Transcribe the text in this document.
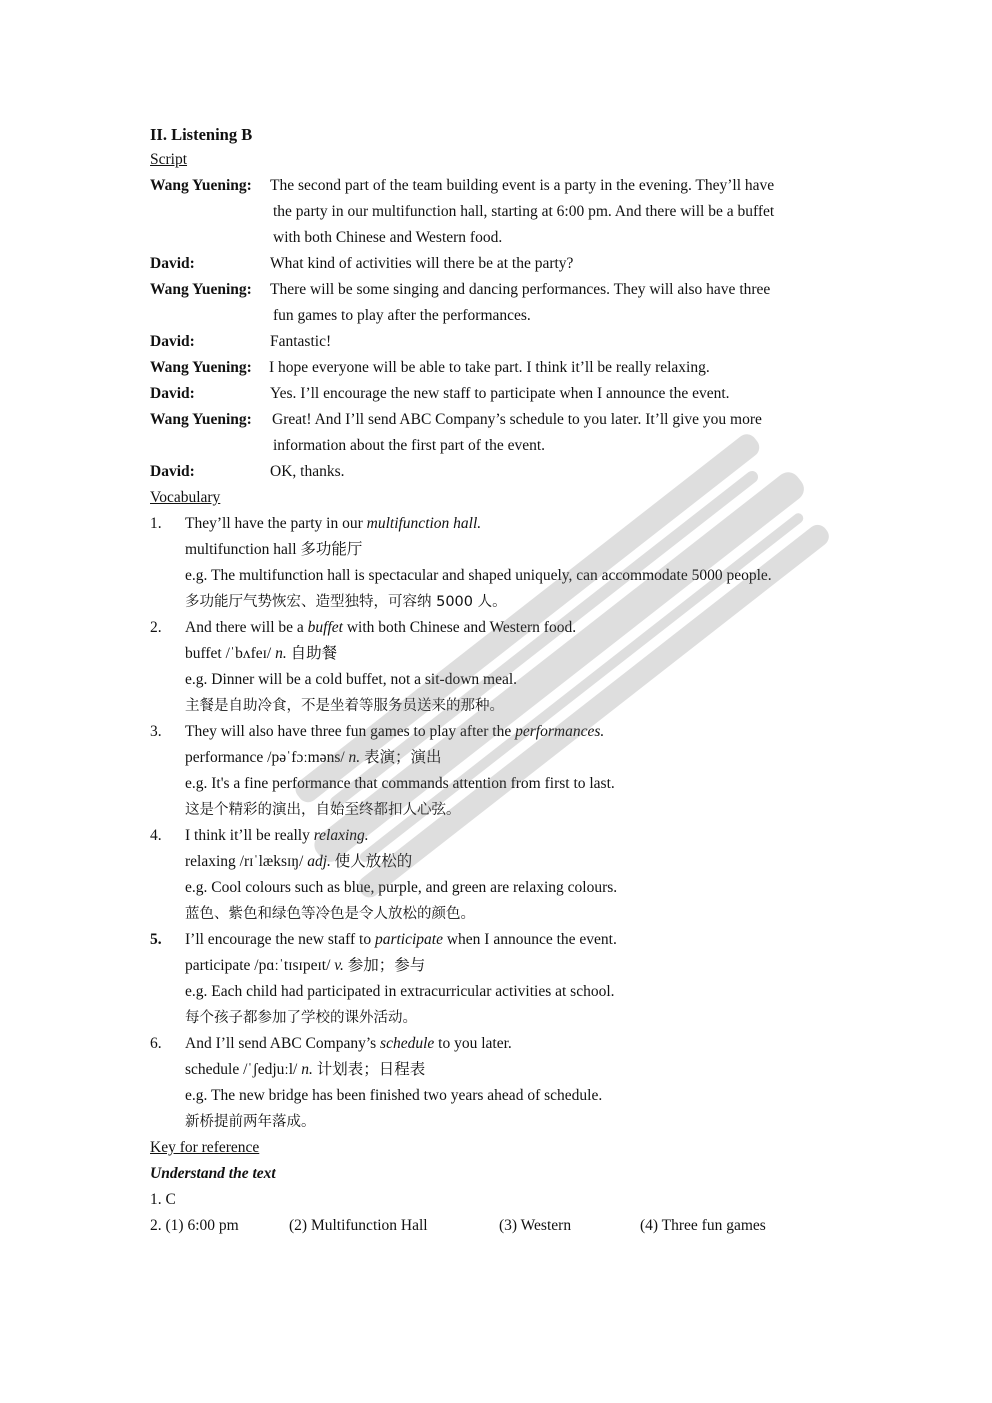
II. Listening B
Script
Wang Yuening: The second part of the team building event is a party in the evening. They’ll have
the party in our multifunction hall, starting at 6:00 pm. And there will be a buffet
with both Chinese and Western food.
David:	What kind of activities will there be at the party?
Wang Yuening: There will be some singing and dancing performances. They will also have three
fun games to play after the performances.
David:	Fantastic!
Wang Yuening: I hope everyone will be able to take part. I think it’ll be really relaxing.
David:	Yes. I’ll encourage the new staff to participate when I announce the event.
Wang Yuening: Great! And I’ll send ABC Company’s schedule to you later. It’ll give you more
information about the first part of the event.
David:	OK, thanks.
Vocabulary
1. They’ll have the party in our multifunction hall.
multifunction hall 多功能厅
e.g. The multifunction hall is spectacular and shaped uniquely, can accommodate 5000 people.
多功能厅气势恢宏、造型独特，可容纳 5000 人。
2. And there will be a buffet with both Chinese and Western food.
buffet /ˈbʌfeɪ/ n. 自助餐
e.g. Dinner will be a cold buffet, not a sit-down meal.
主餐是自助冷食，不是坐着等服务员送来的那种。
3. They will also have three fun games to play after the performances.
performance /pəˈfɔːməns/ n. 表演；演出
e.g. It's a fine performance that commands attention from first to last.
这是个精彩的演出，自始至终都扣人心弦。
4. I think it’ll be really relaxing.
relaxing /rɪˈlæksɪŋ/ adj. 使人放松的
e.g. Cool colours such as blue, purple, and green are relaxing colours.
蓝色、紫色和绿色等冷色是令人放松的颜色。
5. I’ll encourage the new staff to participate when I announce the event.
participate /pɑːˈtɪsɪpeɪt/ v. 参加；参与
e.g. Each child had participated in extracurricular activities at school.
每个孩子都参加了学校的课外活动。
6. And I’ll send ABC Company’s schedule to you later.
schedule /ˈʃedjuːl/ n. 计划表；日程表
e.g. The new bridge has been finished two years ahead of schedule.
新桥提前两年落成。
Key for reference
Understand the text
1. C
2. (1) 6:00 pm	(2) Multifunction Hall	(3) Western	(4) Three fun games
